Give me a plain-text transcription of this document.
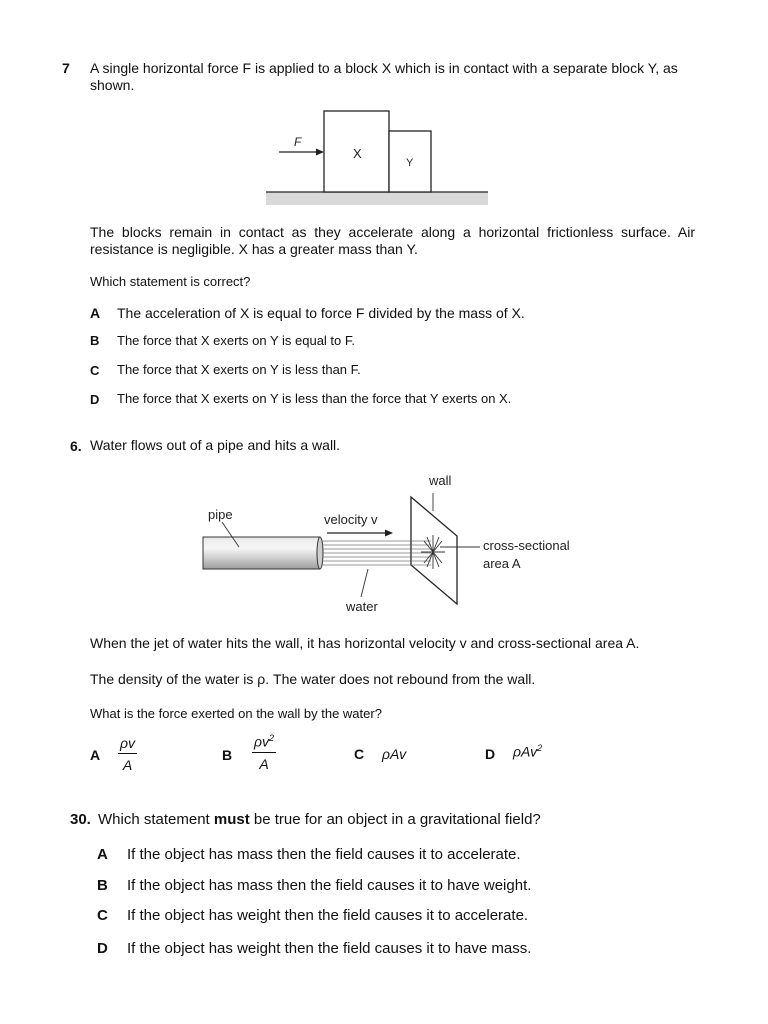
7 A single horizontal force F is applied to a block X which is in contact with a separate block Y, as
shown.
F
X
Y
The blocks remain in contact as they accelerate along a horizontal frictionless surface. Air
resistance is negligible. X has a greater mass than Y.
Which statement is correct?
A The acceleration of X is equal to force F divided by the mass of X.
B The force that X exerts on Y is equal to F.
C The force that X exerts on Y is less than F.
D The force that X exerts on Y is less than the force that Y exerts on X.
6. Water flows out of a pipe and hits a wall.
wall
pipe	velocity v
water
cross-sectional
area A
When the jet of water hits the wall, it has horizontal velocity v and cross-sectional area A.
The density of the water is ρ. The water does not rebound from the wall.
What is the force exerted on the wall by the water?
A $\frac{\rho v}{A}$	B $\frac{\rho v^2}{A}$	C ρAv	D ρAv$^2$
30. Which statement must be true for an object in a gravitational field?
A If the object has mass then the field causes it to accelerate.
B If the object has mass then the field causes it to have weight.
C If the object has weight then the field causes it to accelerate.
D If the object has weight then the field causes it to have mass.
